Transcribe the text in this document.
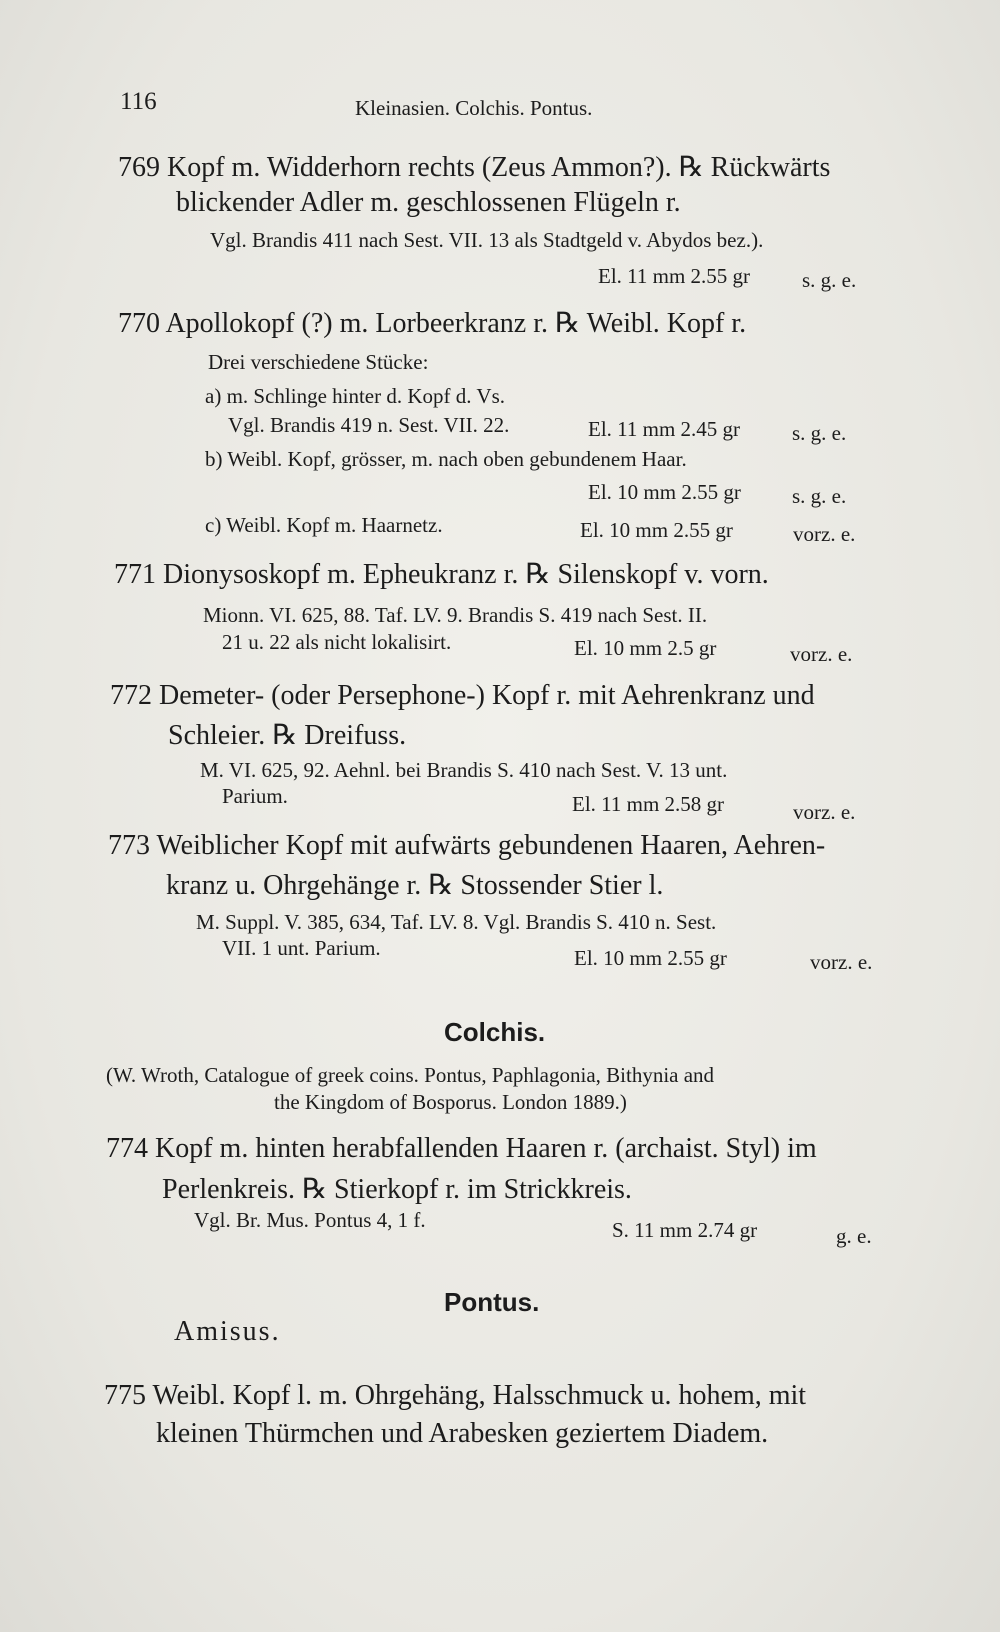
116	Kleinasien. Colchis. Pontus.
769 Kopf m. Widderhorn rechts (Zeus Ammon?). ℞ Rückwärts
blickender Adler m. geschlossenen Flügeln r.
Vgl. Brandis 411 nach Sest. VII. 13 als Stadtgeld v. Abydos bez.).
El. 11 mm 2.55 gr s. g. e.
770 Apollokopf (?) m. Lorbeerkranz r. ℞ Weibl. Kopf r.
Drei verschiedene Stücke:
a) m. Schlinge hinter d. Kopf d. Vs.
Vgl. Brandis 419 n. Sest. VII. 22.	El. 11 mm 2.45 gr s. g. e.
b) Weibl. Kopf, grösser, m. nach oben gebundenem Haar.
El. 10 mm 2.55 gr s. g. e.
c) Weibl. Kopf m. Haarnetz.	El. 10 mm 2.55 gr	vorz. e.
771 Dionysoskopf m. Epheukranz r. ℞ Silenskopf v. vorn.
Mionn. VI. 625, 88. Taf. LV. 9. Brandis S. 419 nach Sest. II.
21 u. 22 als nicht lokalisirt.	El. 10 mm 2.5 gr	vorz. e.
772 Demeter- (oder Persephone-) Kopf r. mit Aehrenkranz und
Schleier. ℞ Dreifuss.
M. VI. 625, 92. Aehnl. bei Brandis S. 410 nach Sest. V. 13 unt.
Parium.	El. 11 mm 2.58 gr	vorz. e.
773 Weiblicher Kopf mit aufwärts gebundenen Haaren, Aehren-
kranz u. Ohrgehänge r. ℞ Stossender Stier l.
M. Suppl. V. 385, 634, Taf. LV. 8. Vgl. Brandis S. 410 n. Sest.
VII. 1 unt. Parium.	El. 10 mm 2.55 gr	vorz. e.
Colchis.
(W. Wroth, Catalogue of greek coins. Pontus, Paphlagonia, Bithynia and
the Kingdom of Bosporus. London 1889.)
774 Kopf m. hinten herabfallenden Haaren r. (archaist. Styl) im
Perlenkreis. ℞ Stierkopf r. im Strickkreis.
Vgl. Br. Mus. Pontus 4, 1 f.	S. 11 mm 2.74 gr	g. e.
Pontus.
Amisus.
775 Weibl. Kopf l. m. Ohrgehäng, Halsschmuck u. hohem, mit
kleinen Thürmchen und Arabesken geziertem Diadem.
